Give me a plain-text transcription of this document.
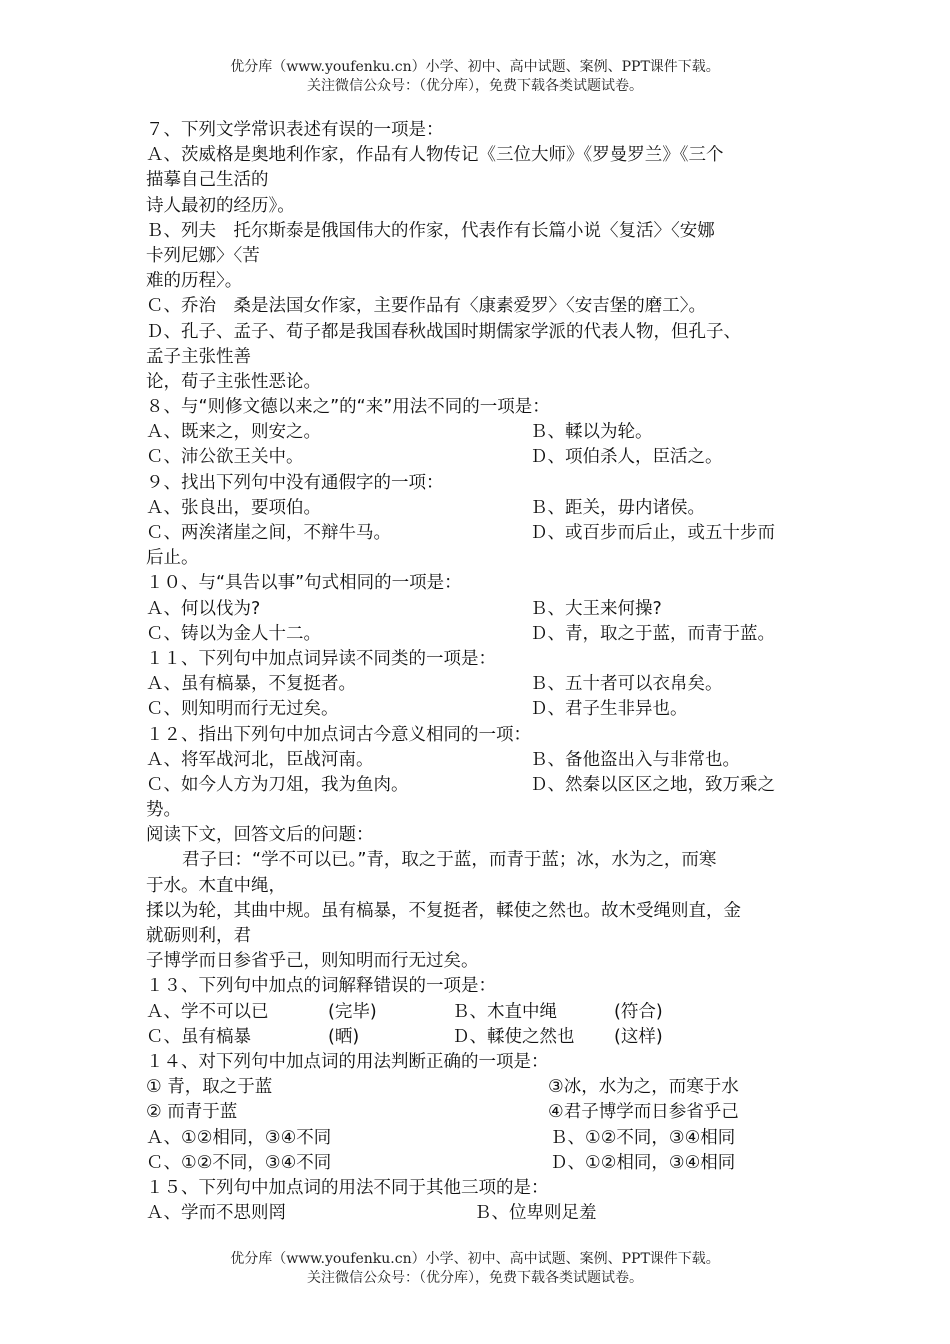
优分库（www.youfenku.cn）小学、初中、高中试题、案例、PPT课件下载。
关注微信公众号：（优分库），免费下载各类试题试卷。
７、下列文学常识表述有误的一项是：
Ａ、茨威格是奥地利作家，作品有人物传记《三位大师》《罗曼罗兰》《三个
描摹自己生活的
诗人最初的经历》。
Ｂ、列夫　托尔斯泰是俄国伟大的作家，代表作有长篇小说〈复活〉〈安娜
卡列尼娜〉〈苦
难的历程〉。
Ｃ、乔治　桑是法国女作家，主要作品有〈康素爱罗〉〈安吉堡的磨工〉。
Ｄ、孔子、孟子、荀子都是我国春秋战国时期儒家学派的代表人物，但孔子、
孟子主张性善
论，荀子主张性恶论。
８、与“则修文德以来之”的“来”用法不同的一项是：
Ａ、既来之，则安之。	Ｂ、輮以为轮。
Ｃ、沛公欲王关中。	Ｄ、项伯杀人，臣活之。
９、找出下列句中没有通假字的一项：
Ａ、张良出，要项伯。	Ｂ、距关，毋内诸侯。
Ｃ、两涘渚崖之间，不辩牛马。	Ｄ、或百步而后止，或五十步而
后止。
１０、与“具告以事”句式相同的一项是：
Ａ、何以伐为?	Ｂ、大王来何操?
Ｃ、铸以为金人十二。	Ｄ、青，取之于蓝，而青于蓝。
１１、下列句中加点词异读不同类的一项是：
Ａ、虽有槁暴，不复挺者。	Ｂ、五十者可以衣帛矣。
Ｃ、则知明而行无过矣。	Ｄ、君子生非异也。
１２、指出下列句中加点词古今意义相同的一项：
Ａ、将军战河北，臣战河南。	Ｂ、备他盗出入与非常也。
Ｃ、如今人方为刀俎，我为鱼肉。	Ｄ、然秦以区区之地，致万乘之
势。
阅读下文，回答文后的问题：
君子曰：“学不可以已。”青，取之于蓝，而青于蓝；冰，水为之，而寒
于水。木直中绳，
揉以为轮，其曲中规。虽有槁暴，不复挺者，輮使之然也。故木受绳则直，金
就砺则利，君
子博学而日参省乎己，则知明而行无过矣。
１３、下列句中加点的词解释错误的一项是：
Ａ、学不可以已	(完毕)	Ｂ、木直中绳	(符合)
Ｃ、虽有槁暴	(晒)	Ｄ、輮使之然也 (这样)
１４、对下列句中加点词的用法判断正确的一项是：
① 青，取之于蓝	③冰，水为之，而寒于水
② 而青于蓝	④君子博学而日参省乎己
Ａ、①②相同，③④不同	Ｂ、①②不同，③④相同
Ｃ、①②不同，③④不同	Ｄ、①②相同，③④相同
１５、下列句中加点词的用法不同于其他三项的是：
Ａ、学而不思则罔	Ｂ、位卑则足羞
优分库（www.youfenku.cn）小学、初中、高中试题、案例、PPT课件下载。
关注微信公众号：（优分库），免费下载各类试题试卷。
